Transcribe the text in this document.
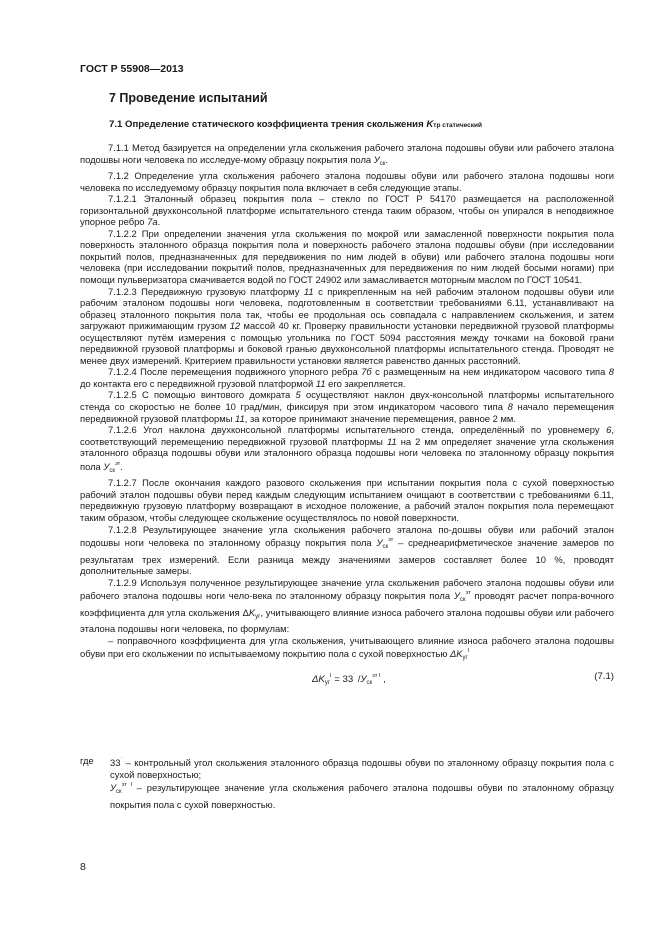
ГОСТ Р 55908—2013
7 Проведение испытаний
7.1 Определение статического коэффициента трения скольжения Kтр статический

7.1.1 Метод базируется на определении угла скольжения рабочего эталона подошвы обуви или рабочего эталона подошвы ноги человека по исследуе-мому образцу покрытия пола $У_{ск}$.

7.1.2 Определение угла скольжения рабочего эталона подошвы обуви или рабочего эталона подошвы ноги человека по исследуемому образцу покрытия пола включает в себя следующие этапы.

7.1.2.1 Эталонный образец покрытия пола – стекло по ГОСТ Р 54170 размещается на расположенной горизонтальной двухконсольной платформе испытательного стенда таким образом, чтобы он упирался в неподвижное упорное ребро 7а.

7.1.2.2 При определении значения угла скольжения по мокрой или замасленной поверхности покрытия пола поверхность эталонного образца покрытия пола и поверхность рабочего эталона подошвы обуви (при исследовании покрытий полов, предназначенных для передвижения по ним людей в обуви) или рабочего эталона подошвы ноги человека (при исследовании покрытий полов, предназначенных для передвижения по ним людей босыми ногами) при помощи пульверизатора смачивается водой по ГОСТ 24902 или замасливается моторным маслом по ГОСТ 10541.

7.1.2.3 Передвижную грузовую платформу 11 с прикрепленным на ней рабочим эталоном подошвы обуви или рабочим эталоном подошвы ноги человека, подготовленным в соответствии требованиями 6.11, устанавливают на образец эталонного покрытия пола так, чтобы ее продольная ось совпадала с направлением скольжения, и затем загружают прижимающим грузом 12 массой 40 кг. Проверку правильности установки передвижной грузовой платформы осуществляют путём измерения с помощью угольника по ГОСТ 5094 расстояния между точками на боковой грани передвижной грузовой платформы и боковой гранью двухконсольной платформы испытательного стенда. Проводят не менее двух измерений. Критерием правильности установки является равенство данных расстояний.

7.1.2.4 После перемещения подвижного упорного ребра 7б с размещенным на нем индикатором часового типа 8 до контакта его с передвижной грузовой платформой 11 его закрепляется.

7.1.2.5 С помощью винтового домкрата 5 осуществляют наклон двух-консольной платформы испытательного стенда со скоростью не более 10 град/мин, фиксируя при этом индикатором часового типа 8 начало перемещения передвижной грузовой платформы 11, за которое принимают значение перемещения, равное 2 мм.

7.1.2.6 Угол наклона двухконсольной платформы испытательного стенда, определённый по уровнемеру 6, соответствующий перемещению передвижной грузовой платформы 11 на 2 мм определяет значение угла скольжения эталонного образца подошвы обуви или эталонного образца подошвы ноги человека по эталонному образцу покрытия пола $У_{ск}^{эт}$.

7.1.2.7 После окончания каждого разового скольжения при испытании покрытия пола с сухой поверхностью рабочий эталон подошвы обуви перед каждым следующим испытанием очищают в соответствии с требованиями 6.11, передвижную грузовую платформу возвращают в исходное положение, а рабочий эталон покрытия пола перемещают таким образом, чтобы следующее скольжение осуществлялось по новой поверхности.

7.1.2.8 Результирующее значение угла скольжения рабочего эталона по-дошвы обуви или рабочий эталон подошвы ноги человека по эталонному образцу покрытия пола $У_{ск}^{эт}$ – среднеарифметическое значение замеров по результатам трех измерений. Если разница между значениями замеров составляет более 10 %, проводят дополнительные замеры.

7.1.2.9 Используя полученное результирующее значение угла скольжения рабочего эталона подошвы обуви или рабочего эталона подошвы ноги чело-века по эталонному образцу покрытия пола $У_{ск}^{эт}$ проводят расчет попра-вочного коэффициента для угла скольжения $\Delta K_{уг}$, учитывающего влияние износа рабочего эталона подошвы обуви или рабочего эталона подошвы ноги человека, по формулам:

– поправочного коэффициента для угла скольжения, учитывающего влияние износа рабочего эталона подошвы обуви при его скольжении по испытываемому покрытию пола с сухой поверхностью $\Delta K_{уг}^I$

$\Delta K_{уг}^I = 33^ˈ$ $/У_{ск}^{эт I}$ ,	(7.1)
где $33^ˈ$ – контрольный угол скольжения эталонного образца подошвы обуви по эталонному образцу покрытия пола с сухой поверхностью;

$У_{ск}^{эт I}$ – результирующее значение угла скольжения рабочего эталона подошвы обуви по эталонному образцу покрытия пола с сухой поверхностью.

8
